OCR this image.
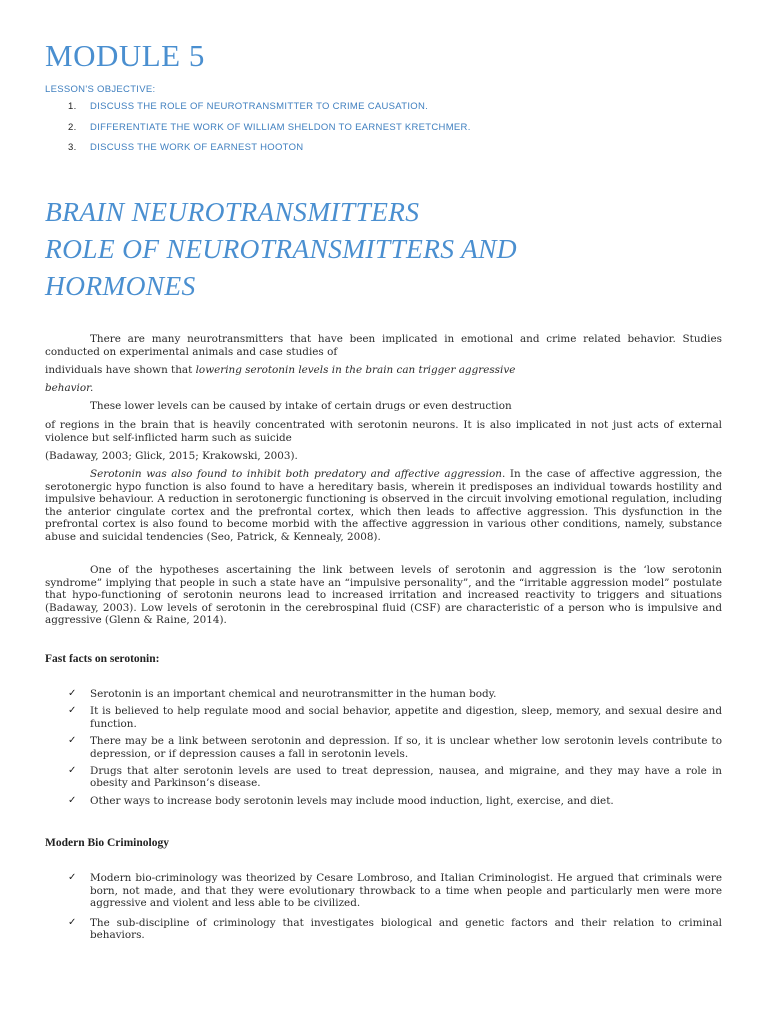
MODULE 5
LESSON'S OBJECTIVE:
1. DISCUSS THE ROLE OF NEUROTRANSMITTER TO CRIME CAUSATION.
2. DIFFERENTIATE THE WORK OF WILLIAM SHELDON TO EARNEST KRETCHMER.
3. DISCUSS THE WORK OF EARNEST HOOTON
BRAIN NEUROTRANSMITTERS
ROLE OF NEUROTRANSMITTERS AND
HORMONES
There are many neurotransmitters that have been implicated in emotional and crime related behavior. Studies conducted on experimental animals and case studies of
individuals have shown that lowering serotonin levels in the brain can trigger aggressive
behavior.
These lower levels can be caused by intake of certain drugs or even destruction
of regions in the brain that is heavily concentrated with serotonin neurons. It is also implicated in not just acts of external violence but self-inflicted harm such as suicide
(Badaway, 2003; Glick, 2015; Krakowski, 2003).
Serotonin was also found to inhibit both predatory and affective aggression. In the case of affective aggression, the serotonergic hypo function is also found to have a hereditary basis, wherein it predisposes an individual towards hostility and impulsive behaviour. A reduction in serotonergic functioning is observed in the circuit involving emotional regulation, including the anterior cingulate cortex and the prefrontal cortex, which then leads to affective aggression. This dysfunction in the prefrontal cortex is also found to become morbid with the affective aggression in various other conditions, namely, substance abuse and suicidal tendencies (Seo, Patrick, & Kennealy, 2008).
One of the hypotheses ascertaining the link between levels of serotonin and aggression is the ‘low serotonin syndrome” implying that people in such a state have an “impulsive personality”, and the “irritable aggression model” postulate that hypo-functioning of serotonin neurons lead to increased irritation and increased reactivity to triggers and situations (Badaway, 2003). Low levels of serotonin in the cerebrospinal fluid (CSF) are characteristic of a person who is impulsive and aggressive (Glenn & Raine, 2014).
Fast facts on serotonin:
✓ Serotonin is an important chemical and neurotransmitter in the human body.
✓ It is believed to help regulate mood and social behavior, appetite and digestion, sleep, memory, and sexual desire and function.
✓ There may be a link between serotonin and depression. If so, it is unclear whether low serotonin levels contribute to depression, or if depression causes a fall in serotonin levels.
✓ Drugs that alter serotonin levels are used to treat depression, nausea, and migraine, and they may have a role in obesity and Parkinson’s disease.
✓ Other ways to increase body serotonin levels may include mood induction, light, exercise, and diet.
Modern Bio Criminology
✓ Modern bio-criminology was theorized by Cesare Lombroso, and Italian Criminologist. He argued that criminals were born, not made, and that they were evolutionary throwback to a time when people and particularly men were more aggressive and violent and less able to be civilized.
✓ The sub-discipline of criminology that investigates biological and genetic factors and their relation to criminal behaviors.
